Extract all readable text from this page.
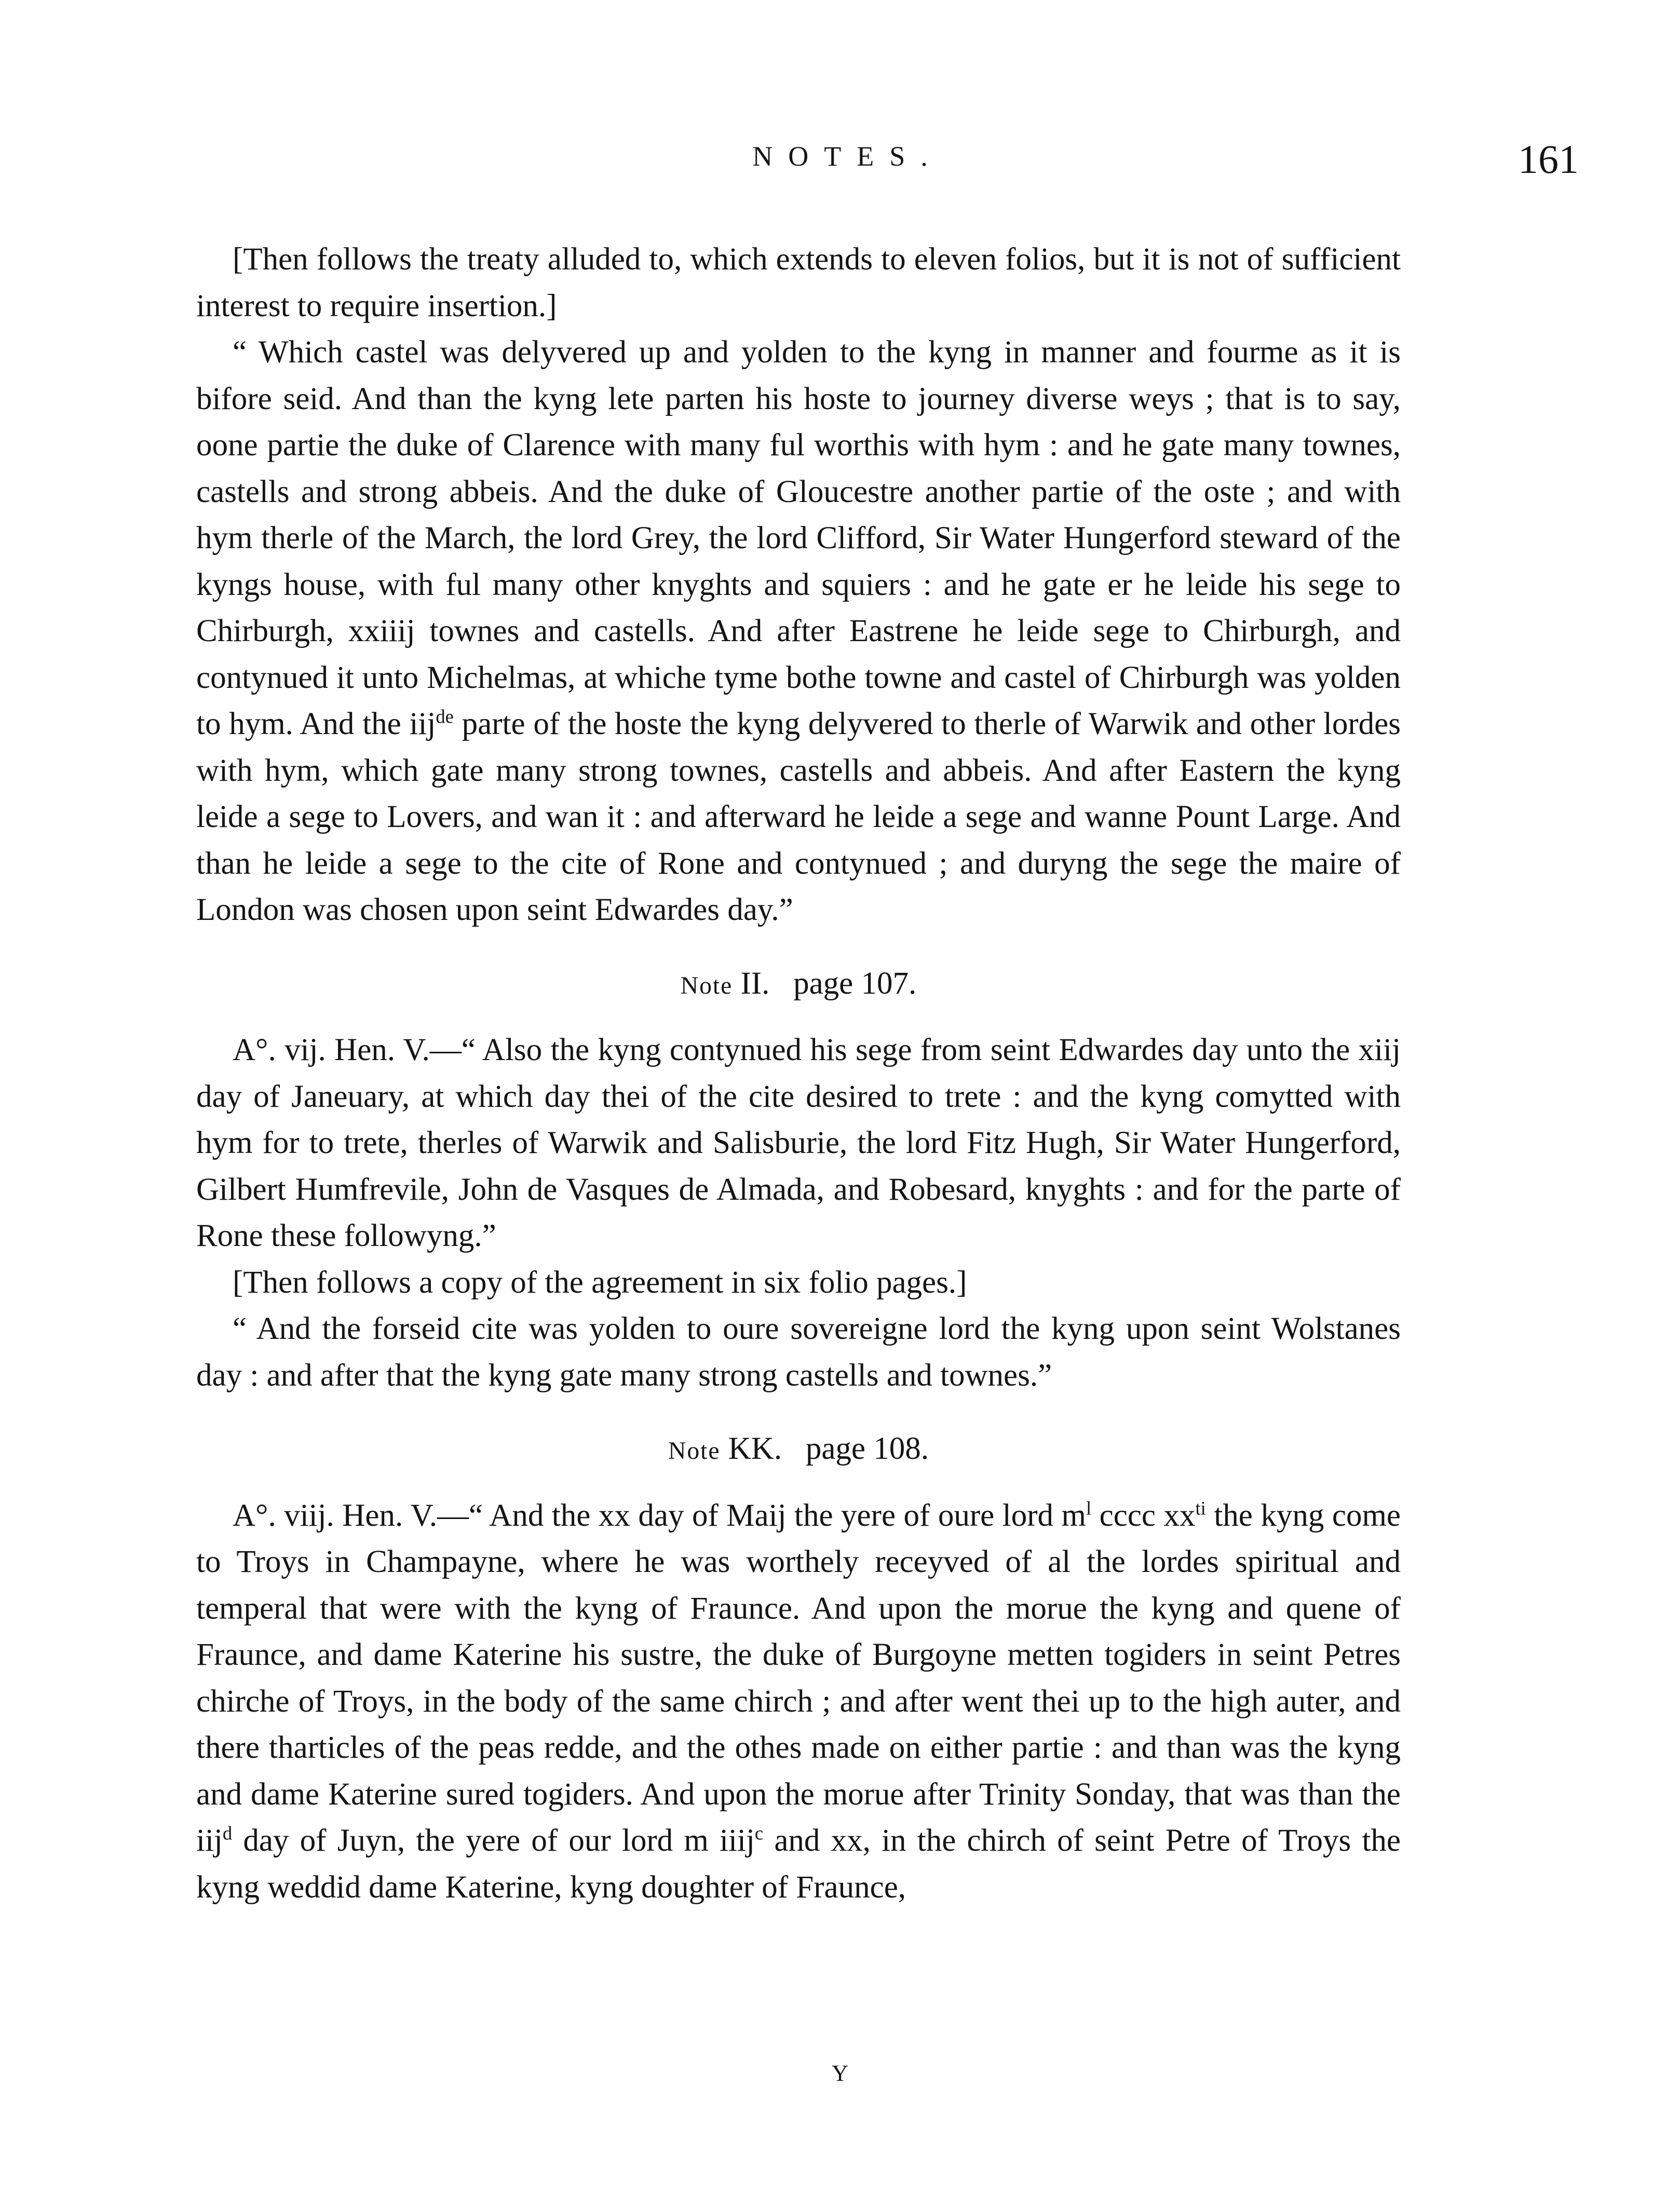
NOTES.	161

[Then follows the treaty alluded to, which extends to eleven folios, but it is not of sufficient interest to require insertion.]

“ Which castel was delyvered up and yolden to the kyng in manner and fourme as it is bifore seid. And than the kyng lete parten his hoste to journey diverse weys ; that is to say, oone partie the duke of Clarence with many ful worthis with hym : and he gate many townes, castells and strong abbeis. And the duke of Gloucestre another partie of the oste ; and with hym therle of the March, the lord Grey, the lord Clifford, Sir Water Hungerford steward of the kyngs house, with ful many other knyghts and squiers : and he gate er he leide his sege to Chirburgh, xxiiij townes and castells. And after Eastrene he leide sege to Chirburgh, and contynued it unto Michelmas, at whiche tyme bothe towne and castel of Chirburgh was yolden to hym. And the iij$^{de}$ parte of the hoste the kyng delyvered to therle of Warwik and other lordes with hym, which gate many strong townes, castells and abbeis. And after Eastern the kyng leide a sege to Lovers, and wan it : and afterward he leide a sege and wanne Pount Large. And than he leide a sege to the cite of Rone and contynued ; and duryng the sege the maire of London was chosen upon seint Edwardes day.”

Note II. page 107.

A°. vij. Hen. V.—“ Also the kyng contynued his sege from seint Edwardes day unto the xiij day of Janeuary, at which day thei of the cite desired to trete : and the kyng comytted with hym for to trete, therles of Warwik and Salisburie, the lord Fitz Hugh, Sir Water Hungerford, Gilbert Humfrevile, John de Vasques de Almada, and Robesard, knyghts : and for the parte of Rone these followyng.”

[Then follows a copy of the agreement in six folio pages.]

“ And the forseid cite was yolden to oure sovereigne lord the kyng upon seint Wolstanes day : and after that the kyng gate many strong castells and townes.”

Note KK. page 108.

A°. viij. Hen. V.—“ And the xx day of Maij the yere of oure lord $m^l$ cccc $xx^{ti}$ the kyng come to Troys in Champayne, where he was worthely receyved of al the lordes spiritual and temperal that were with the kyng of Fraunce. And upon the morue the kyng and quene of Fraunce, and dame Katerine his sustre, the duke of Burgoyne metten togiders in seint Petres chirche of Troys, in the body of the same chirch ; and after went thei up to the high auter, and there tharticles of the peas redde, and the othes made on either partie : and than was the kyng and dame Katerine sured togiders. And upon the morue after Trinity Sonday, that was than the iij$^d$ day of Juyn, the yere of our lord m iiij$^c$ and xx, in the chirch of seint Petre of Troys the kyng weddid dame Katerine, kyng doughter of Fraunce,

Y
